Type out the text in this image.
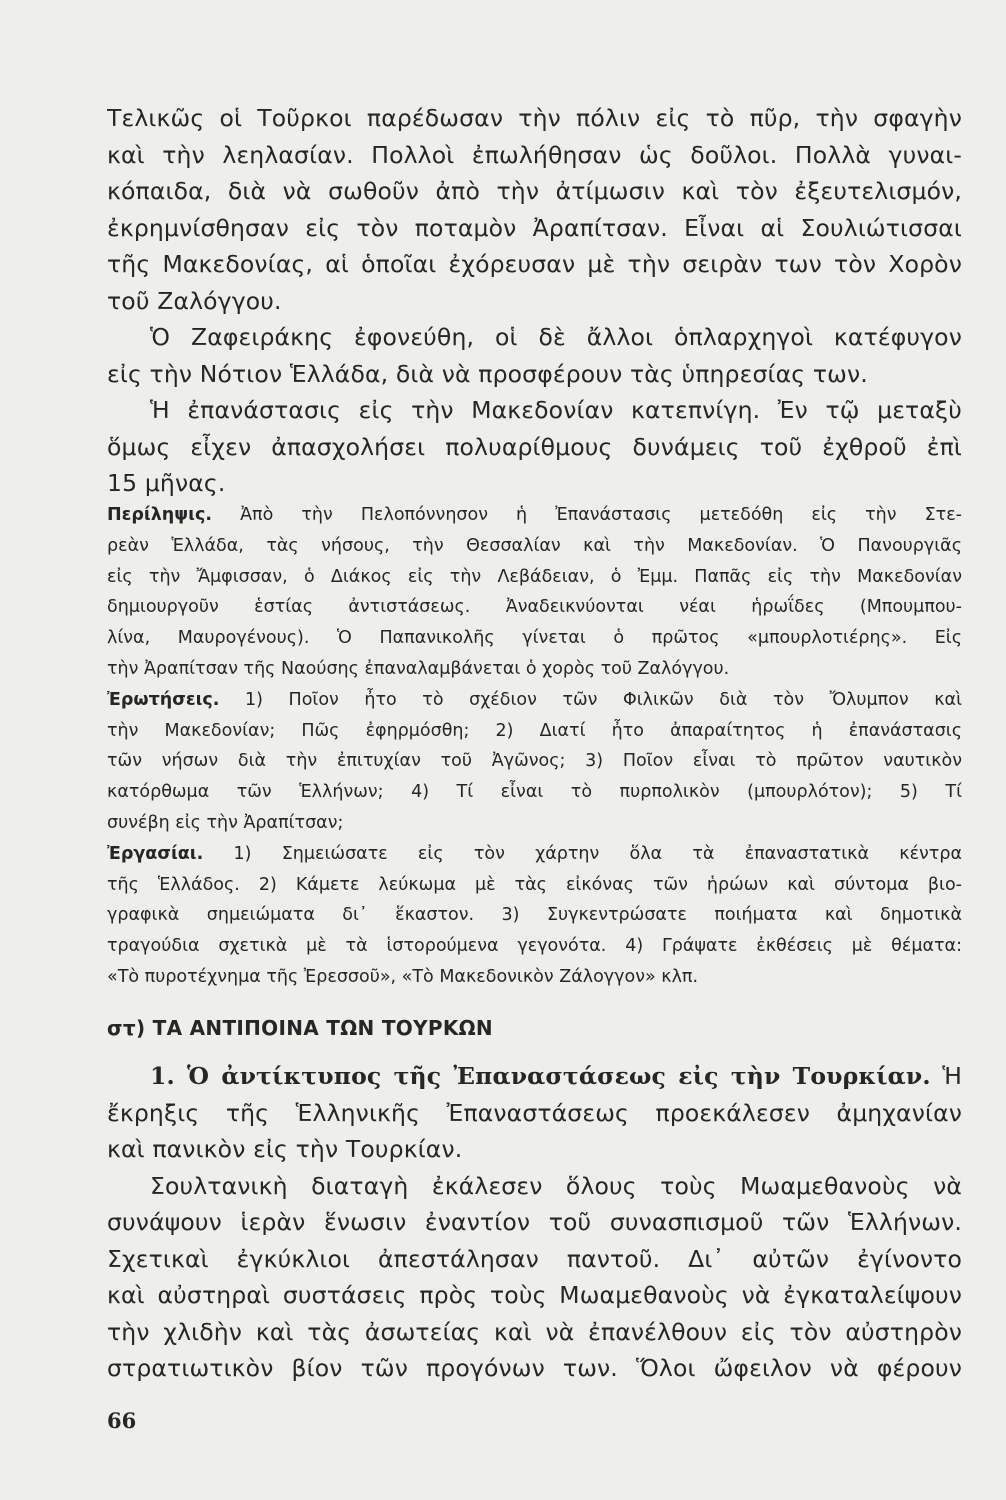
Τελικῶς οἱ Τοῦρκοι παρέδωσαν τὴν πόλιν εἰς τὸ πῦρ, τὴν σφαγὴν
καὶ τὴν λεηλασίαν. Πολλοὶ ἐπωλήθησαν ὡς δοῦλοι. Πολλὰ γυναι-
κόπαιδα, διὰ νὰ σωθοῦν ἀπὸ τὴν ἀτίμωσιν καὶ τὸν ἐξευτελισμόν,
ἐκρημνίσθησαν εἰς τὸν ποταμὸν Ἀραπίτσαν. Εἶναι αἱ Σουλιώτισσαι
τῆς Μακεδονίας, αἱ ὁποῖαι ἐχόρευσαν μὲ τὴν σειρὰν των τὸν Χορὸν
τοῦ Ζαλόγγου.
Ὁ Ζαφειράκης ἐφονεύθη, οἱ δὲ ἄλλοι ὁπλαρχηγοὶ κατέφυγον
εἰς τὴν Νότιον Ἑλλάδα, διὰ νὰ προσφέρουν τὰς ὑπηρεσίας των.
Ἡ ἐπανάστασις εἰς τὴν Μακεδονίαν κατεπνίγη. Ἐν τῷ μεταξὺ
ὅμως εἶχεν ἀπασχολήσει πολυαρίθμους δυνάμεις τοῦ ἐχθροῦ ἐπὶ
15 μῆνας.
Περίληψις. Ἀπὸ τὴν Πελοπόννησον ἡ Ἐπανάστασις μετεδόθη εἰς τὴν Στε-
ρεὰν Ἑλλάδα, τὰς νήσους, τὴν Θεσσαλίαν καὶ τὴν Μακεδονίαν. Ὁ Πανουργιᾶς
εἰς τὴν Ἄμφισσαν, ὁ Διάκος εἰς τὴν Λεβάδειαν, ὁ Ἐμμ. Παπᾶς εἰς τὴν Μακεδονίαν
δημιουργοῦν ἑστίας ἀντιστάσεως. Ἀναδεικνύονται νέαι ἡρωΐδες (Μπουμπου-
λίνα, Μαυρογένους). Ὁ Παπανικολῆς γίνεται ὁ πρῶτος «μπουρλοτιέρης». Εἰς
τὴν Ἀραπίτσαν τῆς Ναούσης ἐπαναλαμβάνεται ὁ χορὸς τοῦ Ζαλόγγου.
Ἐρωτήσεις. 1) Ποῖον ἦτο τὸ σχέδιον τῶν Φιλικῶν διὰ τὸν Ὄλυμπον καὶ
τὴν Μακεδονίαν; Πῶς ἐφηρμόσθη; 2) Διατί ἦτο ἀπαραίτητος ἡ ἐπανάστασις
τῶν νήσων διὰ τὴν ἐπιτυχίαν τοῦ Ἀγῶνος; 3) Ποῖον εἶναι τὸ πρῶτον ναυτικὸν
κατόρθωμα τῶν Ἑλλήνων; 4) Τί εἶναι τὸ πυρπολικὸν (μπουρλότον); 5) Τί
συνέβη εἰς τὴν Ἀραπίτσαν;
Ἐργασίαι. 1) Σημειώσατε εἰς τὸν χάρτην ὅλα τὰ ἐπαναστατικὰ κέντρα
τῆς Ἑλλάδος. 2) Κάμετε λεύκωμα μὲ τὰς εἰκόνας τῶν ἡρώων καὶ σύντομα βιο-
γραφικὰ σημειώματα δι᾿ ἕκαστον. 3) Συγκεντρώσατε ποιήματα καὶ δημοτικὰ
τραγούδια σχετικὰ μὲ τὰ ἱστορούμενα γεγονότα. 4) Γράψατε ἐκθέσεις μὲ θέματα:
«Τὸ πυροτέχνημα τῆς Ἐρεσσοῦ», «Τὸ Μακεδονικὸν Ζάλογγον» κλπ.
στ) ΤΑ ΑΝΤΙΠΟΙΝΑ ΤΩΝ ΤΟΥΡΚΩΝ
1. Ὁ ἀντίκτυπος τῆς Ἐπαναστάσεως εἰς τὴν Τουρκίαν. Ἡ
ἔκρηξις τῆς Ἑλληνικῆς Ἐπαναστάσεως προεκάλεσεν ἀμηχανίαν
καὶ πανικὸν εἰς τὴν Τουρκίαν.
Σουλτανικὴ διαταγὴ ἐκάλεσεν ὅλους τοὺς Μωαμεθανοὺς νὰ
συνάψουν ἱερὰν ἕνωσιν ἐναντίον τοῦ συνασπισμοῦ τῶν Ἑλλήνων.
Σχετικαὶ ἐγκύκλιοι ἀπεστάλησαν παντοῦ. Δι᾿ αὐτῶν ἐγίνοντο
καὶ αὐστηραὶ συστάσεις πρὸς τοὺς Μωαμεθανοὺς νὰ ἐγκαταλείψουν
τὴν χλιδὴν καὶ τὰς ἀσωτείας καὶ νὰ ἐπανέλθουν εἰς τὸν αὐστηρὸν
στρατιωτικὸν βίον τῶν προγόνων των. Ὅλοι ὤφειλον νὰ φέρουν
66
